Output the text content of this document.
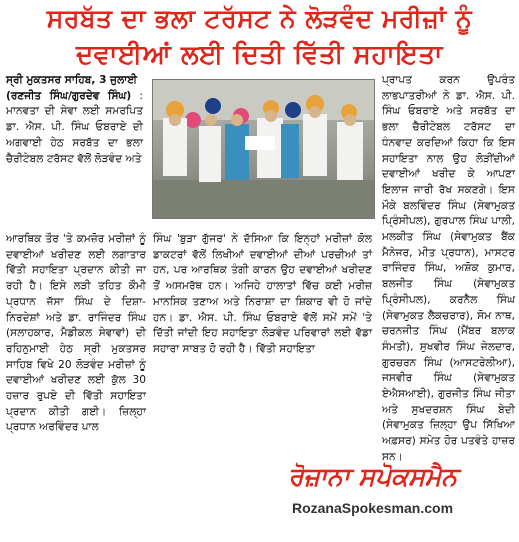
ਸਰਬੱਤ ਦਾ ਭਲਾ ਟਰੱਸਟ ਨੇ ਲੋੜਵੰਦ ਮਰੀਜ਼ਾਂ ਨੂੰ
ਦਵਾਈਆਂ ਲਈ ਦਿਤੀ ਵਿੱਤੀ ਸਹਾਇਤਾ

ਸ੍ਰੀ ਮੁਕਤਸਰ ਸਾਹਿਬ, 3 ਜੁਲਾਈ

(ਰਣਜੀਤ ਸਿੰਘ/ਗੁਰਦੇਵ ਸਿੰਘ) : ਮਾਨਵਤਾ ਦੀ ਸੇਵਾ ਲਈ ਸਮਰਪਿਤ ਡਾ. ਐਸ. ਪੀ. ਸਿੰਘ ਓਬਰਾਏ ਦੀ ਅਗਵਾਈ ਹੇਠ ਸਰਬੱਤ ਦਾ ਭਲਾ ਚੈਰੀਟੇਬਲ ਟਰੱਸਟ ਵੱਲੋਂ ਲੋੜਵੰਦ ਅਤੇ

ਆਰਥਿਕ ਤੌਰ 'ਤੇ ਕਮਜ਼ੋਰ ਮਰੀਜ਼ਾਂ ਨੂੰ ਦਵਾਈਆਂ ਖਰੀਦਣ ਲਈ ਲਗਾਤਾਰ ਵਿੱਤੀ ਸਹਾਇਤਾ ਪ੍ਰਦਾਨ ਕੀਤੀ ਜਾ ਰਹੀ ਹੈ। ਇਸੇ ਲੜੀ ਤਹਿਤ ਕੌਮੀ ਪ੍ਰਧਾਨ ਜੱਸਾ ਸਿੰਘ ਦੇ ਦਿਸ਼ਾ-ਨਿਰਦੇਸ਼ਾਂ ਅਤੇ ਡਾ. ਰਾਜਿੰਦਰ ਸਿੰਘ (ਸਲਾਹਕਾਰ, ਮੈਡੀਕਲ ਸੇਵਾਵਾਂ) ਦੀ ਰਹਿਨੁਮਾਈ ਹੇਠ ਸ੍ਰੀ ਮੁਕਤਸਰ ਸਾਹਿਬ ਵਿਖੇ 20 ਲੋੜਵੰਦ ਮਰੀਜ਼ਾਂ ਨੂੰ ਦਵਾਈਆਂ ਖਰੀਦਣ ਲਈ ਕੁੱਲ 30 ਹਜ਼ਾਰ ਰੁਪਏ ਦੀ ਵਿੱਤੀ ਸਹਾਇਤਾ ਪ੍ਰਦਾਨ ਕੀਤੀ ਗਈ। ਜ਼ਿਲ੍ਹਾ ਪ੍ਰਧਾਨ ਅਰਵਿੰਦਰ ਪਾਲ
ਸਿੰਘ 'ਬੁੜਾ ਗੁੱਜਰ' ਨੇ ਦੱਸਿਆ ਕਿ ਇਨ੍ਹਾਂ ਮਰੀਜ਼ਾਂ ਕੋਲ ਡਾਕਟਰਾਂ ਵੱਲੋਂ ਲਿਖੀਆਂ ਦਵਾਈਆਂ ਦੀਆਂ ਪਰਚੀਆਂ ਤਾਂ ਹਨ, ਪਰ ਆਰਥਿਕ ਤੰਗੀ ਕਾਰਨ ਉਹ ਦਵਾਈਆਂ ਖਰੀਦਣ ਤੋਂ ਅਸਮਰੱਥ ਹਨ। ਅਜਿਹੇ ਹਾਲਾਤਾਂ ਵਿੱਚ ਕਈ ਮਰੀਜ਼ ਮਾਨਸਿਕ ਤਣਾਅ ਅਤੇ ਨਿਰਾਸ਼ਾ ਦਾ ਸ਼ਿਕਾਰ ਵੀ ਹੋ ਜਾਂਦੇ ਹਨ। ਡਾ. ਐਸ. ਪੀ. ਸਿੰਘ ਓਬਰਾਏ ਵੱਲੋਂ ਸਮੇਂ ਸਮੇਂ 'ਤੇ ਦਿੱਤੀ ਜਾਂਦੀ ਇਹ ਸਹਾਇਤਾ ਲੋੜਵੰਦ ਪਰਿਵਾਰਾਂ ਲਈ ਵੱਡਾ ਸਹਾਰਾ ਸਾਬਤ ਹੋ ਰਹੀ ਹੈ। ਵਿੱਤੀ ਸਹਾਇਤਾ
ਪ੍ਰਾਪਤ ਕਰਨ ਉਪਰੰਤ ਲਾਭਪਾਤਰੀਆਂ ਨੇ ਡਾ. ਐਸ. ਪੀ. ਸਿੰਘ ਓਬਰਾਏ ਅਤੇ ਸਰਬੱਤ ਦਾ ਭਲਾ ਚੈਰੀਟੇਬਲ ਟਰੱਸਟ ਦਾ ਧੰਨਵਾਦ ਕਰਦਿਆਂ ਕਿਹਾ ਕਿ ਇਸ ਸਹਾਇਤਾ ਨਾਲ ਉਹ ਲੋੜੀਂਦੀਆਂ ਦਵਾਈਆਂ ਖਰੀਦ ਕੇ ਆਪਣਾ ਇਲਾਜ ਜਾਰੀ ਰੱਖ ਸਕਣਗੇ। ਇਸ ਮੌਕੇ ਬਲਵਿੰਦਰ ਸਿੰਘ (ਸੇਵਾਮੁਕਤ ਪ੍ਰਿੰਸੀਪਲ), ਗੁਰਪਾਲ ਸਿੰਘ ਪਾਲੀ, ਮਲਕੀਤ ਸਿੰਘ (ਸੇਵਾਮੁਕਤ ਬੈਂਕ ਮੈਨੇਜਰ, ਮੀਤ ਪ੍ਰਧਾਨ), ਮਾਸਟਰ ਰਾਜਿੰਦਰ ਸਿੰਘ, ਅਸ਼ੋਕ ਕੁਮਾਰ, ਬਲਜੀਤ ਸਿੰਘ (ਸੇਵਾਮੁਕਤ ਪ੍ਰਿੰਸੀਪਲ), ਕਰਨੈਲ ਸਿੰਘ (ਸੇਵਾਮੁਕਤ ਲੈਕਚਰਾਰ), ਸੋਮ ਨਾਥ, ਚਰਨਜੀਤ ਸਿੰਘ (ਮੈਂਬਰ ਬਲਾਕ ਸੰਮਤੀ), ਸੁਖਵੀਰ ਸਿੰਘ ਜੇਲਦਾਰ, ਗੁਰਚਰਨ ਸਿੰਘ (ਆਸਟਰੇਲੀਆ), ਜਸਵੀਰ ਸਿੰਘ (ਸੇਵਾਮੁਕਤ ਏਐਸਆਈ), ਗੁਰਜੀਤ ਸਿੰਘ ਜੀਤਾ ਅਤੇ ਸੁਖਦਰਸ਼ਨ ਸਿੰਘ ਬੇਦੀ (ਸੇਵਾਮੁਕਤ ਜ਼ਿਲ੍ਹਾ ਉਪ ਸਿੱਖਿਆ ਅਫ਼ਸਰ) ਸਮੇਤ ਹੋਰ ਪਤਵੰਤੇ ਹਾਜ਼ਰ ਸਨ।
ਰੋਜ਼ਾਨਾ ਸਪੋਕਸਮੈਨ
RozanaSpokesman.com
